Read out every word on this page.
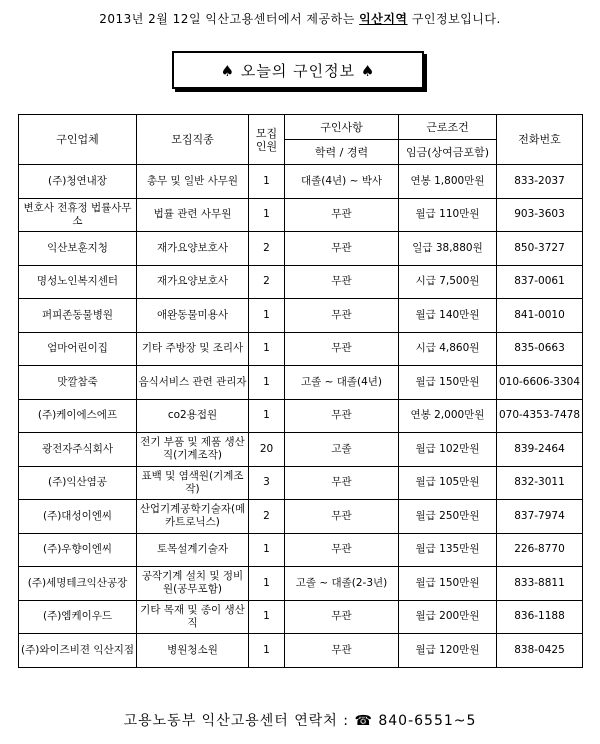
2013년 2월 12일 익산고용센터에서 제공하는 익산지역 구인정보입니다.
♠ 오늘의 구인정보 ♠
구인업체	모집직종	모집 인원	구인사항	근로조건	전화번호
			학력 / 경력	임금(상여금포함)	
(주)청연내장	총무 및 일반 사무원	1	대졸(4년) ~ 박사	연봉 1,800만원	833-2037
변호사 전휴정 법률사무소	법률 관련 사무원	1	무관	월급 110만원	903-3603
익산보훈지청	재가요양보호사	2	무관	일급 38,880원	850-3727
명성노인복지센터	재가요양보호사	2	무관	시급 7,500원	837-0061
퍼피존동물병원	애완동물미용사	1	무관	월급 140만원	841-0010
엄마어린이집	기타 주방장 및 조리사	1	무관	시급 4,860원	835-0663
맛깔참죽	음식서비스 관련 관리자	1	고졸 ~ 대졸(4년)	월급 150만원	010-6606-3304
(주)케이에스에프	co2용접원	1	무관	연봉 2,000만원	070-4353-7478
광전자주식회사	전기 부품 및 제품 생산직(기계조작)	20	고졸	월급 102만원	839-2464
(주)익산염공	표백 및 염색원(기계조작)	3	무관	월급 105만원	832-3011
(주)대성이엔씨	산업기계공학기술자(메카트로닉스)	2	무관	월급 250만원	837-7974
(주)우향이엔씨	토목설계기술자	1	무관	월급 135만원	226-8770
(주)세명테크익산공장	공작기계 설치 및 정비원(공무포함)	1	고졸 ~ 대졸(2-3년)	월급 150만원	833-8811
(주)엠케이우드	기타 목재 및 종이 생산직	1	무관	월급 200만원	836-1188
(주)와이즈비젼 익산지점	병원청소원	1	무관	월급 120만원	838-0425
고용노동부 익산고용센터 연락처 : ☎ 840-6551~5
